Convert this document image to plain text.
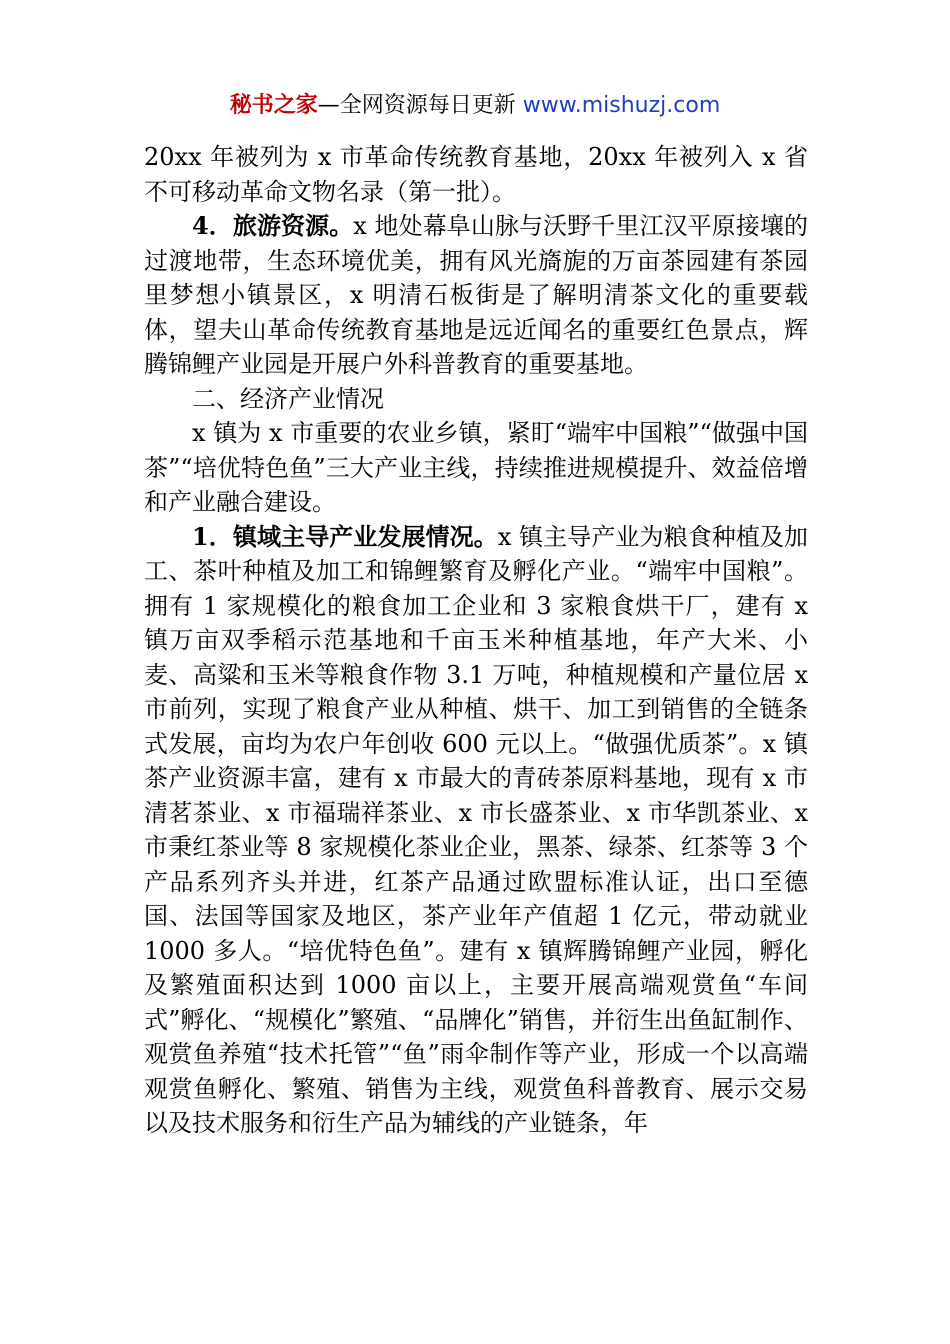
秘书之家—全网资源每日更新 www.mishuzj.com

20xx 年被列为 x 市革命传统教育基地，20xx 年被列入 x 省不可移动革命文物名录（第一批）。

4．旅游资源。x 地处幕阜山脉与沃野千里江汉平原接壤的过渡地带，生态环境优美，拥有风光旖旎的万亩茶园建有茶园里梦想小镇景区，x 明清石板街是了解明清茶文化的重要载体，望夫山革命传统教育基地是远近闻名的重要红色景点，辉腾锦鲤产业园是开展户外科普教育的重要基地。

二、经济产业情况

x 镇为 x 市重要的农业乡镇，紧盯“端牢中国粮”“做强中国茶”“培优特色鱼”三大产业主线，持续推进规模提升、效益倍增和产业融合建设。

1．镇域主导产业发展情况。x 镇主导产业为粮食种植及加工、茶叶种植及加工和锦鲤繁育及孵化产业。“端牢中国粮”。拥有 1 家规模化的粮食加工企业和 3 家粮食烘干厂，建有 x 镇万亩双季稻示范基地和千亩玉米种植基地，年产大米、小麦、高粱和玉米等粮食作物 3.1 万吨，种植规模和产量位居 x 市前列，实现了粮食产业从种植、烘干、加工到销售的全链条式发展，亩均为农户年创收 600 元以上。“做强优质茶”。x 镇茶产业资源丰富，建有 x 市最大的青砖茶原料基地，现有 x 市清茗茶业、x 市福瑞祥茶业、x 市长盛茶业、x 市华凯茶业、x 市秉红茶业等 8 家规模化茶业企业，黑茶、绿茶、红茶等 3 个产品系列齐头并进，红茶产品通过欧盟标准认证，出口至德国、法国等国家及地区，茶产业年产值超 1 亿元，带动就业 1000 多人。“培优特色鱼”。建有 x 镇辉腾锦鲤产业园，孵化及繁殖面积达到 1000 亩以上，主要开展高端观赏鱼“车间式”孵化、“规模化”繁殖、“品牌化”销售，并衍生出鱼缸制作、观赏鱼养殖“技术托管”“鱼”雨伞制作等产业，形成一个以高端观赏鱼孵化、繁殖、销售为主线，观赏鱼科普教育、展示交易以及技术服务和衍生产品为辅线的产业链条，年
